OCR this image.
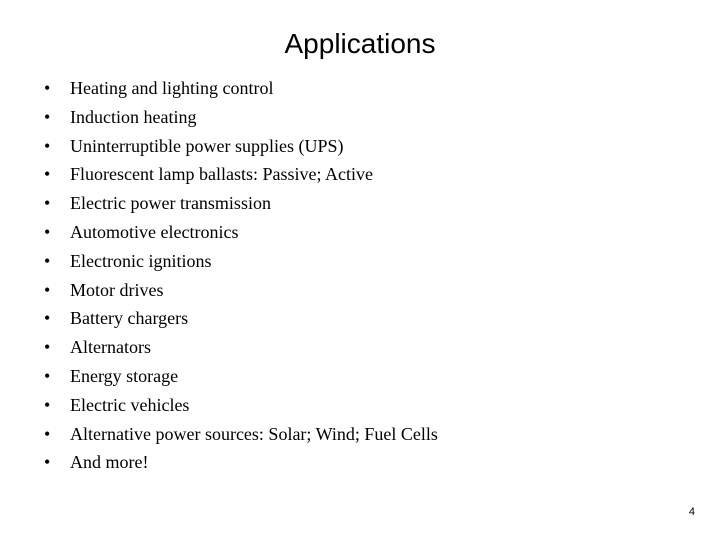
Applications
• Heating and lighting control
• Induction heating
• Uninterruptible power supplies (UPS)
• Fluorescent lamp ballasts: Passive; Active
• Electric power transmission
• Automotive electronics
• Electronic ignitions
• Motor drives
• Battery chargers
• Alternators
• Energy storage
• Electric vehicles
• Alternative power sources: Solar; Wind; Fuel Cells
• And more!
4
